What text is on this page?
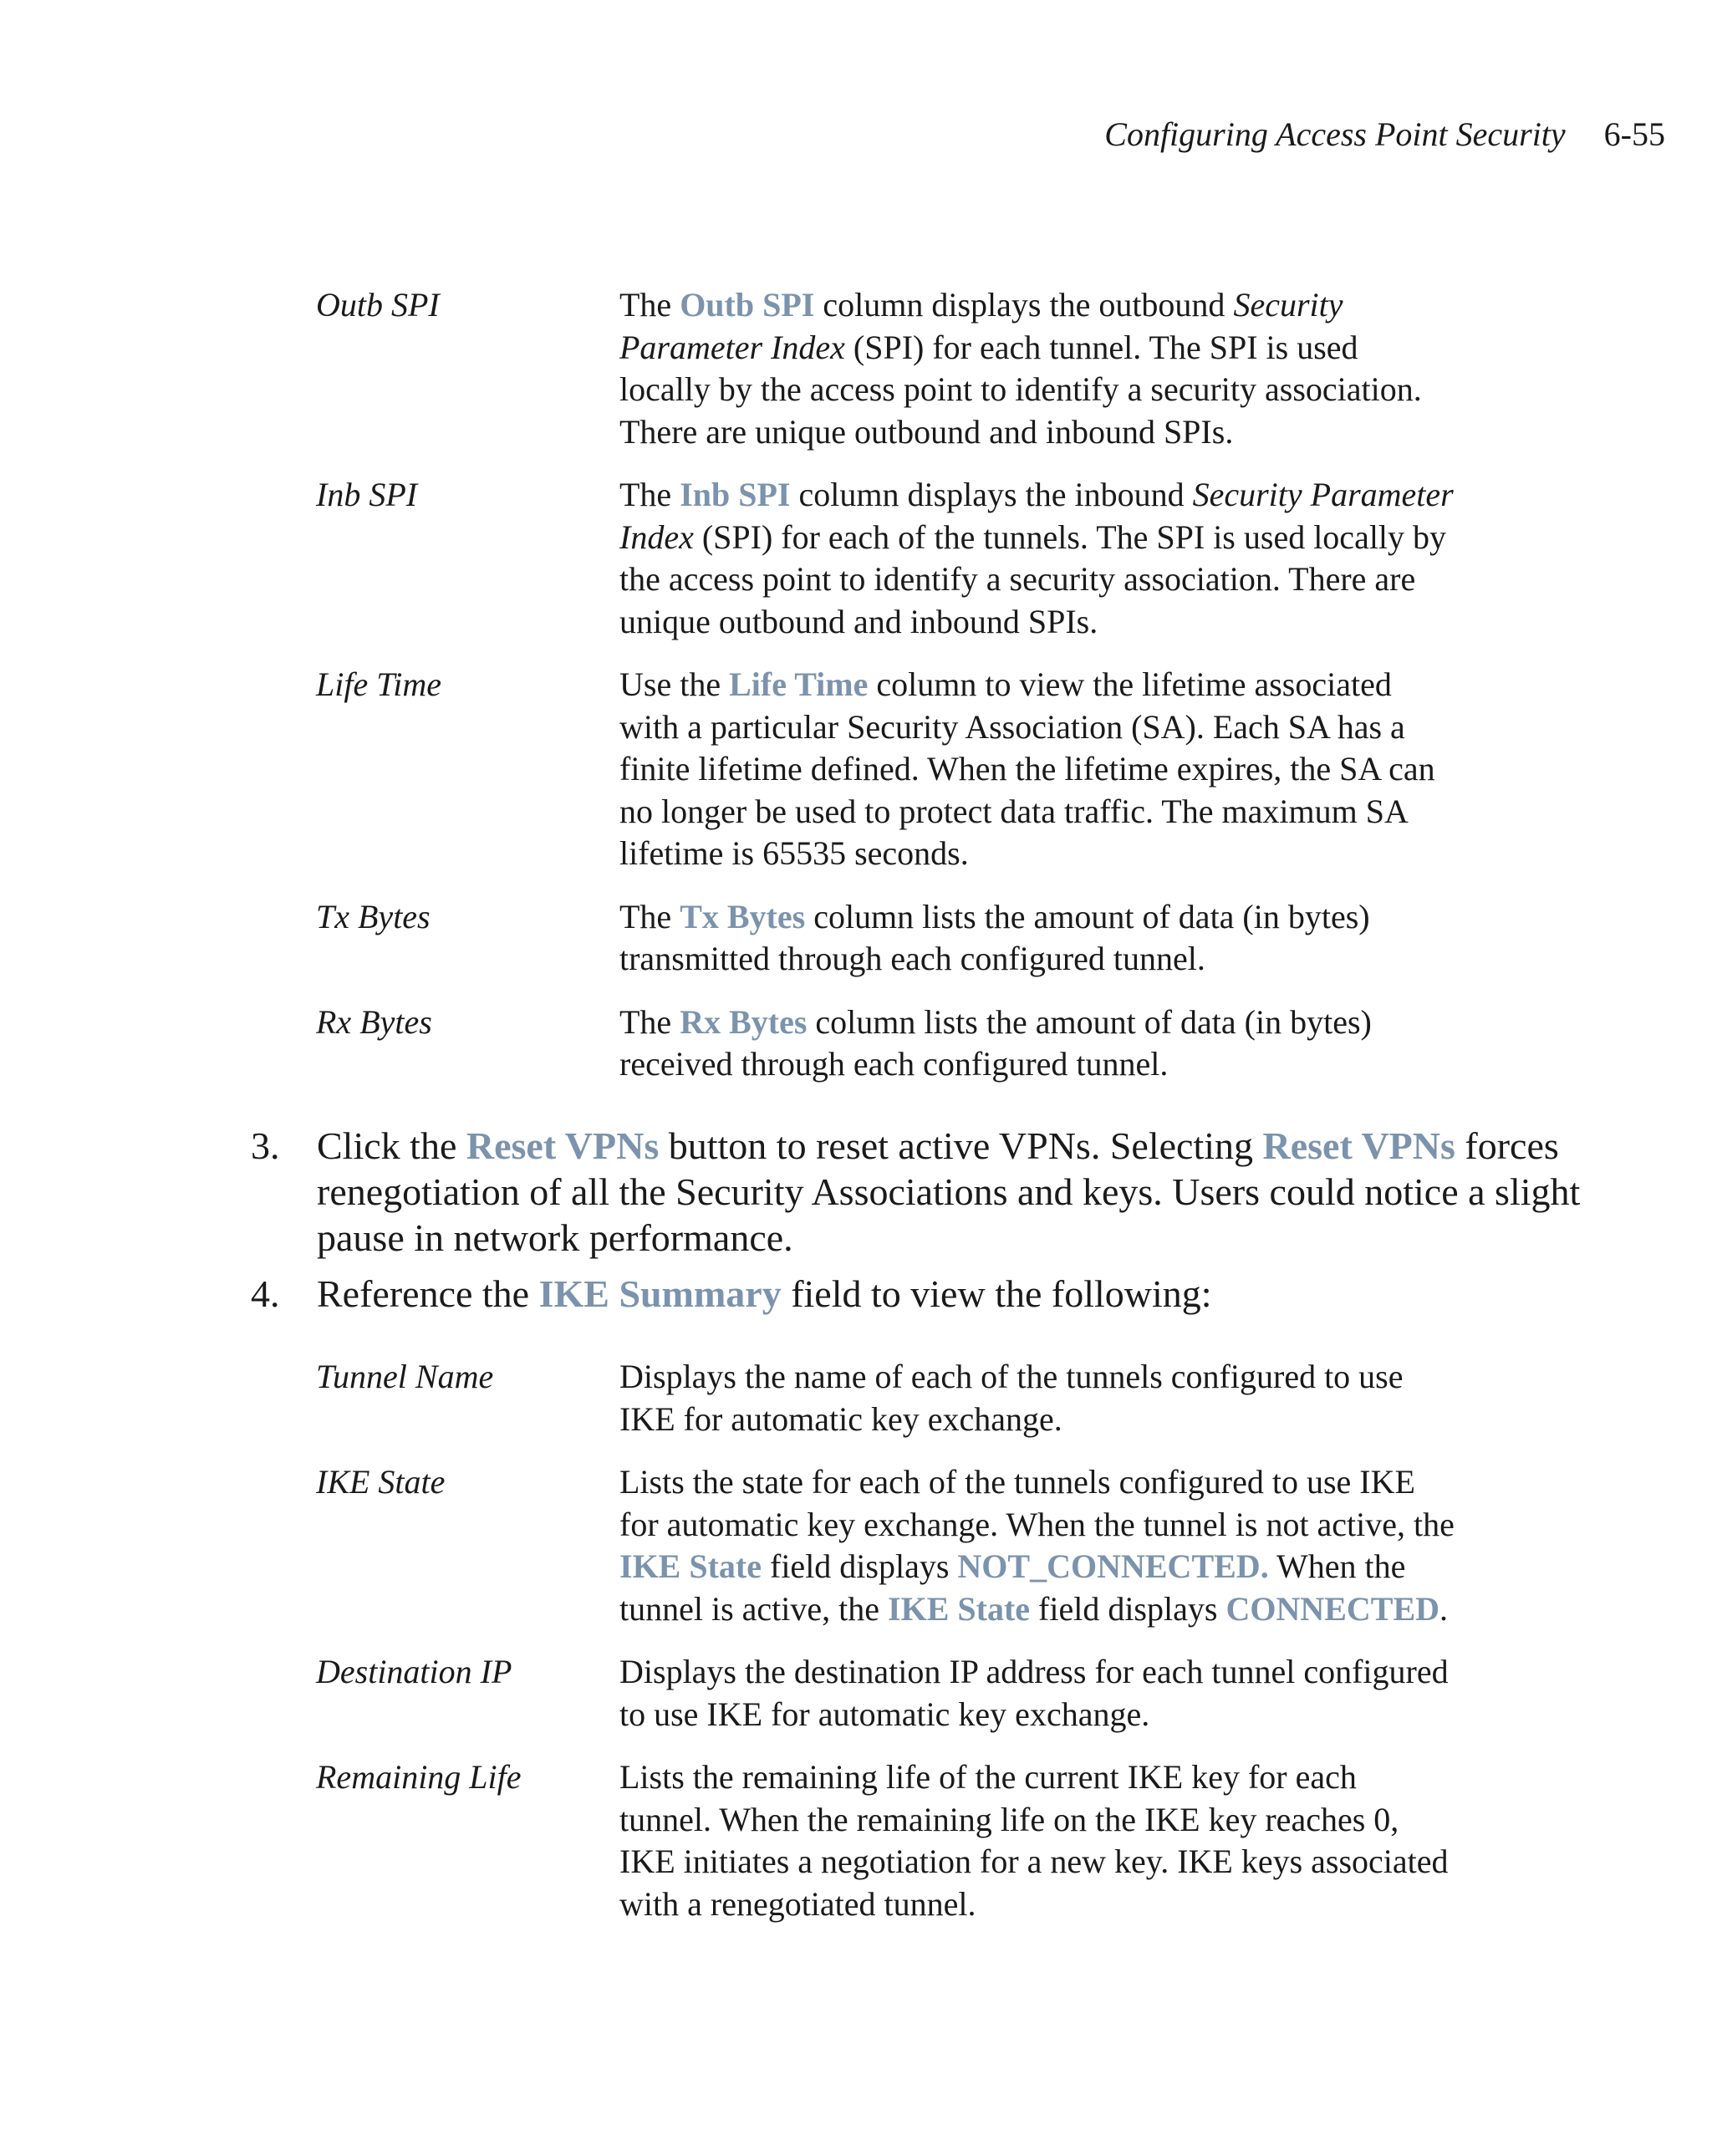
Configuring Access Point Security 6-55
Outb SPI	The Outb SPI column displays the outbound Security Parameter Index (SPI) for each tunnel. The SPI is used locally by the access point to identify a security association. There are unique outbound and inbound SPIs.
Inb SPI	The Inb SPI column displays the inbound Security Parameter Index (SPI) for each of the tunnels. The SPI is used locally by the access point to identify a security association. There are unique outbound and inbound SPIs.
Life Time	Use the Life Time column to view the lifetime associated with a particular Security Association (SA). Each SA has a finite lifetime defined. When the lifetime expires, the SA can no longer be used to protect data traffic. The maximum SA lifetime is 65535 seconds.
Tx Bytes	The Tx Bytes column lists the amount of data (in bytes) transmitted through each configured tunnel.
Rx Bytes	The Rx Bytes column lists the amount of data (in bytes) received through each configured tunnel.
3. Click the Reset VPNs button to reset active VPNs. Selecting Reset VPNs forces renegotiation of all the Security Associations and keys. Users could notice a slight pause in network performance.
4. Reference the IKE Summary field to view the following:
Tunnel Name	Displays the name of each of the tunnels configured to use IKE for automatic key exchange.
IKE State	Lists the state for each of the tunnels configured to use IKE for automatic key exchange. When the tunnel is not active, the IKE State field displays NOT_CONNECTED. When the tunnel is active, the IKE State field displays CONNECTED.
Destination IP	Displays the destination IP address for each tunnel configured to use IKE for automatic key exchange.
Remaining Life	Lists the remaining life of the current IKE key for each tunnel. When the remaining life on the IKE key reaches 0, IKE initiates a negotiation for a new key. IKE keys associated with a renegotiated tunnel.
